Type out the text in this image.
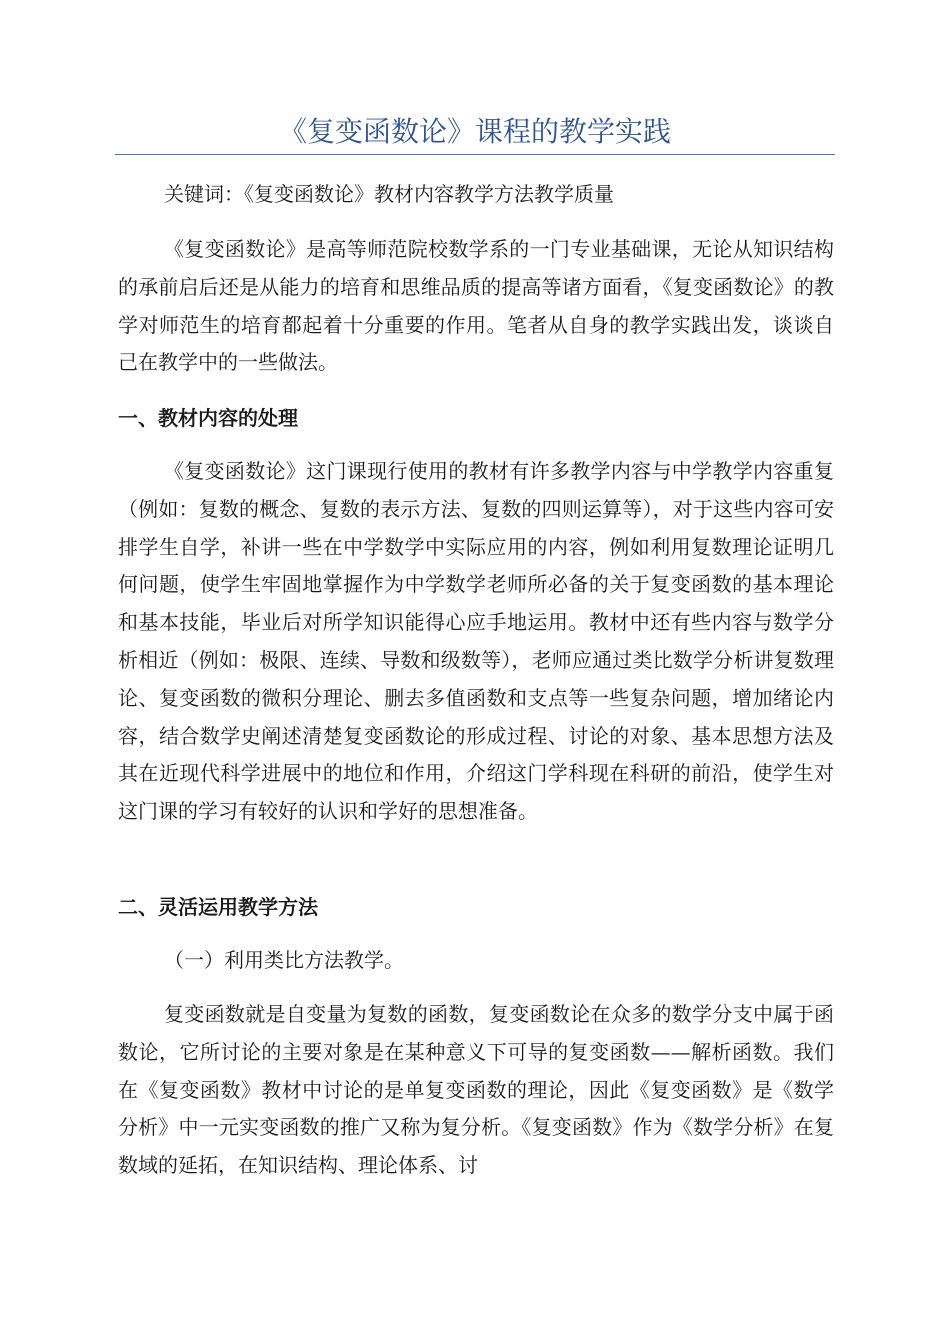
《复变函数论》课程的教学实践

关键词：《复变函数论》教材内容教学方法教学质量

《复变函数论》是高等师范院校数学系的一门专业基础课，无论从知识结构的承前启后还是从能力的培育和思维品质的提高等诸方面看，《复变函数论》的教学对师范生的培育都起着十分重要的作用。笔者从自身的教学实践出发，谈谈自己在教学中的一些做法。

一、教材内容的处理

《复变函数论》这门课现行使用的教材有许多教学内容与中学教学内容重复（例如：复数的概念、复数的表示方法、复数的四则运算等），对于这些内容可安排学生自学，补讲一些在中学数学中实际应用的内容，例如利用复数理论证明几何问题，使学生牢固地掌握作为中学数学老师所必备的关于复变函数的基本理论和基本技能，毕业后对所学知识能得心应手地运用。教材中还有些内容与数学分析相近（例如：极限、连续、导数和级数等），老师应通过类比数学分析讲复数理论、复变函数的微积分理论、删去多值函数和支点等一些复杂问题，增加绪论内容，结合数学史阐述清楚复变函数论的形成过程、讨论的对象、基本思想方法及其在近现代科学进展中的地位和作用，介绍这门学科现在科研的前沿，使学生对这门课的学习有较好的认识和学好的思想准备。

二、灵活运用教学方法

（一）利用类比方法教学。

复变函数就是自变量为复数的函数，复变函数论在众多的数学分支中属于函数论，它所讨论的主要对象是在某种意义下可导的复变函数——解析函数。我们在《复变函数》教材中讨论的是单复变函数的理论，因此《复变函数》是《数学分析》中一元实变函数的推广又称为复分析。《复变函数》作为《数学分析》在复数域的延拓，在知识结构、理论体系、讨
